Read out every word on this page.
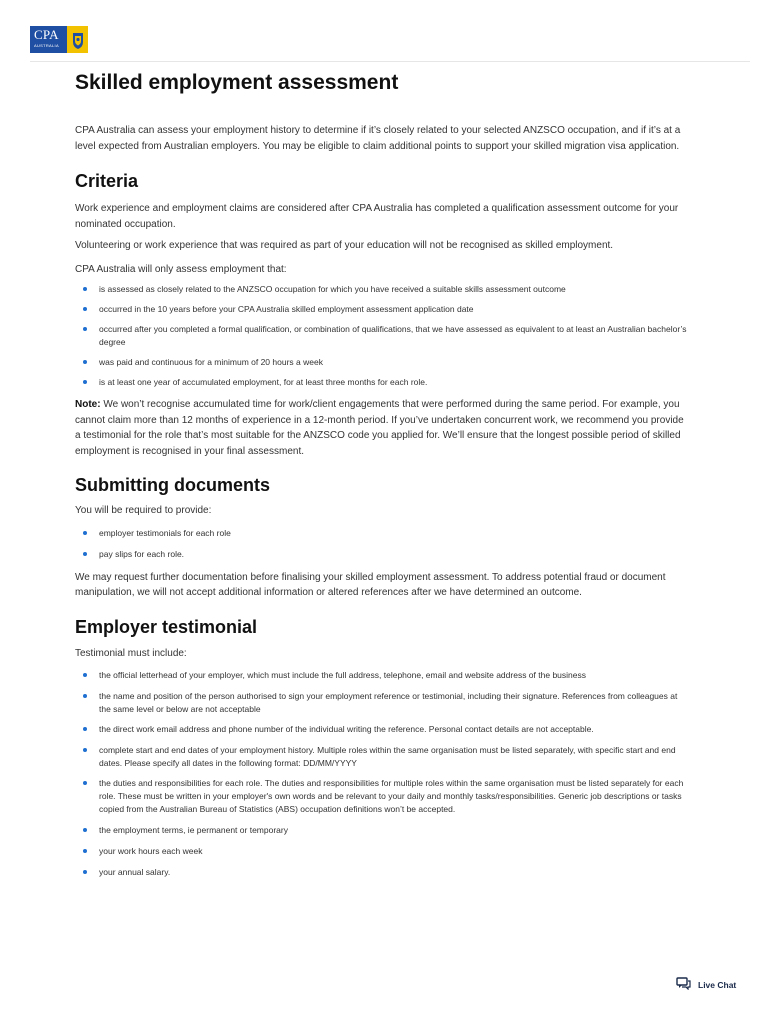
CPA
AUSTRALIA
Skilled employment assessment

CPA Australia can assess your employment history to determine if it’s closely related to your selected ANZSCO occupation, and if it’s at a level expected from Australian employers. You may be eligible to claim additional points to support your skilled migration visa application.

Criteria

Work experience and employment claims are considered after CPA Australia has completed a qualification assessment outcome for your nominated occupation.

Volunteering or work experience that was required as part of your education will not be recognised as skilled employment.

CPA Australia will only assess employment that:

is assessed as closely related to the ANZSCO occupation for which you have received a suitable skills assessment outcome
occurred in the 10 years before your CPA Australia skilled employment assessment application date
occurred after you completed a formal qualification, or combination of qualifications, that we have assessed as equivalent to at least an Australian bachelor’s degree
was paid and continuous for a minimum of 20 hours a week
is at least one year of accumulated employment, for at least three months for each role.

Note: We won’t recognise accumulated time for work/client engagements that were performed during the same period. For example, you cannot claim more than 12 months of experience in a 12-month period. If you’ve undertaken concurrent work, we recommend you provide a testimonial for the role that’s most suitable for the ANZSCO code you applied for. We’ll ensure that the longest possible period of skilled employment is recognised in your final assessment.

Submitting documents

You will be required to provide:

employer testimonials for each role
pay slips for each role.

We may request further documentation before finalising your skilled employment assessment. To address potential fraud or document manipulation, we will not accept additional information or altered references after we have determined an outcome.

Employer testimonial

Testimonial must include:

the official letterhead of your employer, which must include the full address, telephone, email and website address of the business
the name and position of the person authorised to sign your employment reference or testimonial, including their signature. References from colleagues at the same level or below are not acceptable
the direct work email address and phone number of the individual writing the reference. Personal contact details are not acceptable.
complete start and end dates of your employment history. Multiple roles within the same organisation must be listed separately, with specific start and end dates. Please specify all dates in the following format: DD/MM/YYYY
the duties and responsibilities for each role. The duties and responsibilities for multiple roles within the same organisation must be listed separately for each role. These must be written in your employer's own words and be relevant to your daily and monthly tasks/responsibilities. Generic job descriptions or tasks copied from the Australian Bureau of Statistics (ABS) occupation definitions won’t be accepted.
the employment terms, ie permanent or temporary
your work hours each week
your annual salary.
Live Chat
